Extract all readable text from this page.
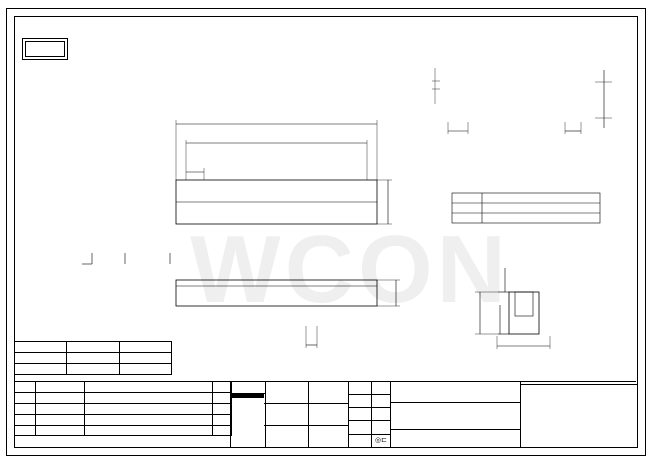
WCON

◎⊏
